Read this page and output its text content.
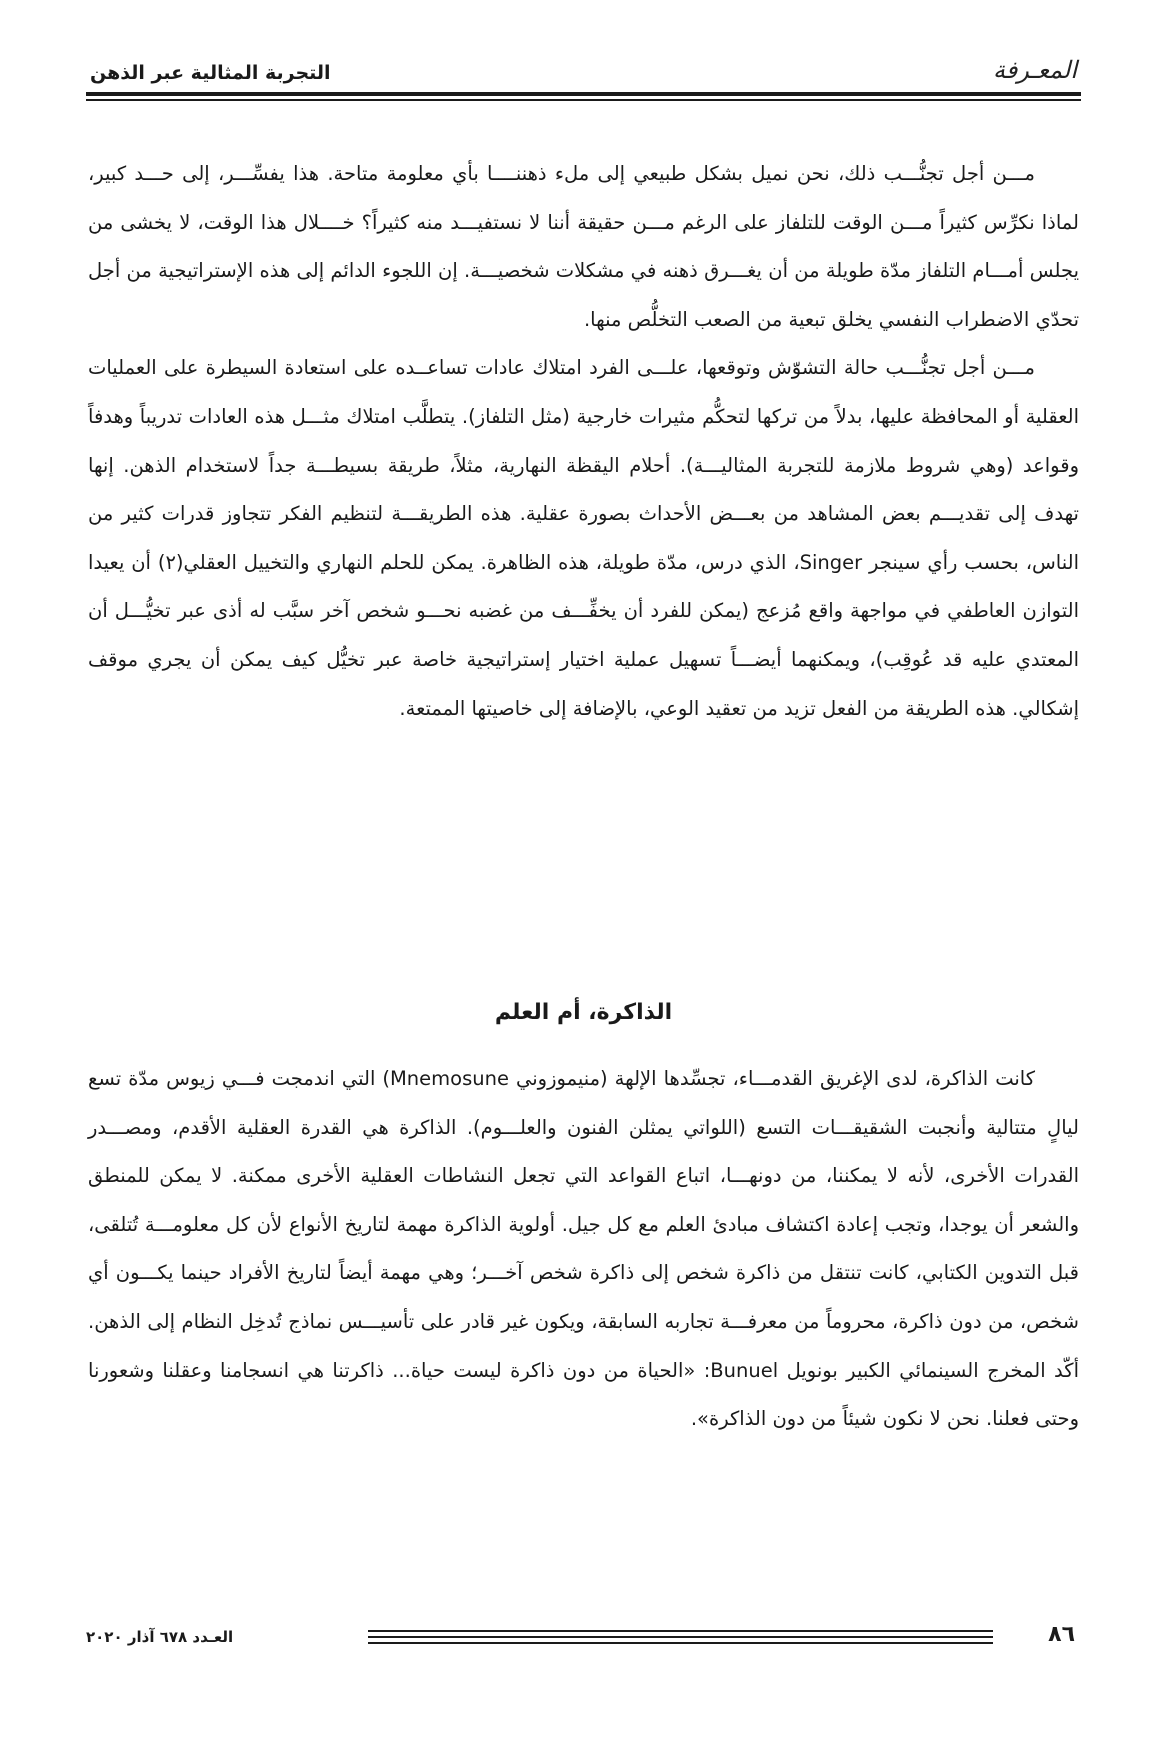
المعـرفة
التجربة المثالية عبر الذهن

مـــن أجل تجنُّـــب ذلك، نحن نميل بشكل طبيعي إلى ملء ذهننــــا بأي معلومة متاحة. هذا يفسِّـــر، إلى حـــد كبير، لماذا نكرِّس كثيراً مـــن الوقت للتلفاز على الرغم مـــن حقيقة أننا لا نستفيـــد منه كثيراً؟ خــــلال هذا الوقت، لا يخشى من يجلس أمـــام التلفاز مدّة طويلة من أن يغـــرق ذهنه في مشكلات شخصيـــة. إن اللجوء الدائم إلى هذه الإستراتيجية من أجل تحدّي الاضطراب النفسي يخلق تبعية من الصعب التخلُّص منها.

مـــن أجل تجنُّـــب حالة التشوّش وتوقعها، علـــى الفرد امتلاك عادات تساعــده على استعادة السيطرة على العمليات العقلية أو المحافظة عليها، بدلاً من تركها لتحكُّم مثيرات خارجية (مثل التلفاز). يتطلَّب امتلاك مثـــل هذه العادات تدريباً وهدفاً وقواعد (وهي شروط ملازمة للتجربة المثاليـــة). أحلام اليقظة النهارية، مثلاً، طريقة بسيطـــة جداً لاستخدام الذهن. إنها تهدف إلى تقديـــم بعض المشاهد من بعـــض الأحداث بصورة عقلية. هذه الطريقـــة لتنظيم الفكر تتجاوز قدرات كثير من الناس، بحسب رأي سينجر Singer، الذي درس، مدّة طويلة، هذه الظاهرة. يمكن للحلم النهاري والتخييل العقلي(٢) أن يعيدا التوازن العاطفي في مواجهة واقع مُزعج (يمكن للفرد أن يخفِّـــف من غضبه نحـــو شخص آخر سبَّب له أذى عبر تخيُّـــل أن المعتدي عليه قد عُوقِب)، ويمكنهما أيضـــاً تسهيل عملية اختيار إستراتيجية خاصة عبر تخيُّل كيف يمكن أن يجري موقف إشكالي. هذه الطريقة من الفعل تزيد من تعقيد الوعي، بالإضافة إلى خاصيتها الممتعة.

الذاكرة، أم العلم

كانت الذاكرة، لدى الإغريق القدمـــاء، تجسِّدها الإلهة (منيموزوني Mnemosune) التي اندمجت فـــي زيوس مدّة تسع ليالٍ متتالية وأنجبت الشقيقـــات التسع (اللواتي يمثلن الفنون والعلـــوم). الذاكرة هي القدرة العقلية الأقدم، ومصـــدر القدرات الأخرى، لأنه لا يمكننا، من دونهـــا، اتباع القواعد التي تجعل النشاطات العقلية الأخرى ممكنة. لا يمكن للمنطق والشعر أن يوجدا، وتجب إعادة اكتشاف مبادئ العلم مع كل جيل. أولوية الذاكرة مهمة لتاريخ الأنواع لأن كل معلومـــة تُتلقى، قبل التدوين الكتابي، كانت تنتقل من ذاكرة شخص إلى ذاكرة شخص آخـــر؛ وهي مهمة أيضاً لتاريخ الأفراد حينما يكـــون أي شخص، من دون ذاكرة، محروماً من معرفـــة تجاربه السابقة، ويكون غير قادر على تأسيـــس نماذج تُدخِل النظام إلى الذهن. أكّد المخرج السينمائي الكبير بونويل Bunuel: «الحياة من دون ذاكرة ليست حياة... ذاكرتنا هي انسجامنا وعقلنا وشعورنا وحتى فعلنا. نحن لا نكون شيئاً من دون الذاكرة».

٨٦
العـدد ٦٧٨ آذار ٢٠٢٠
